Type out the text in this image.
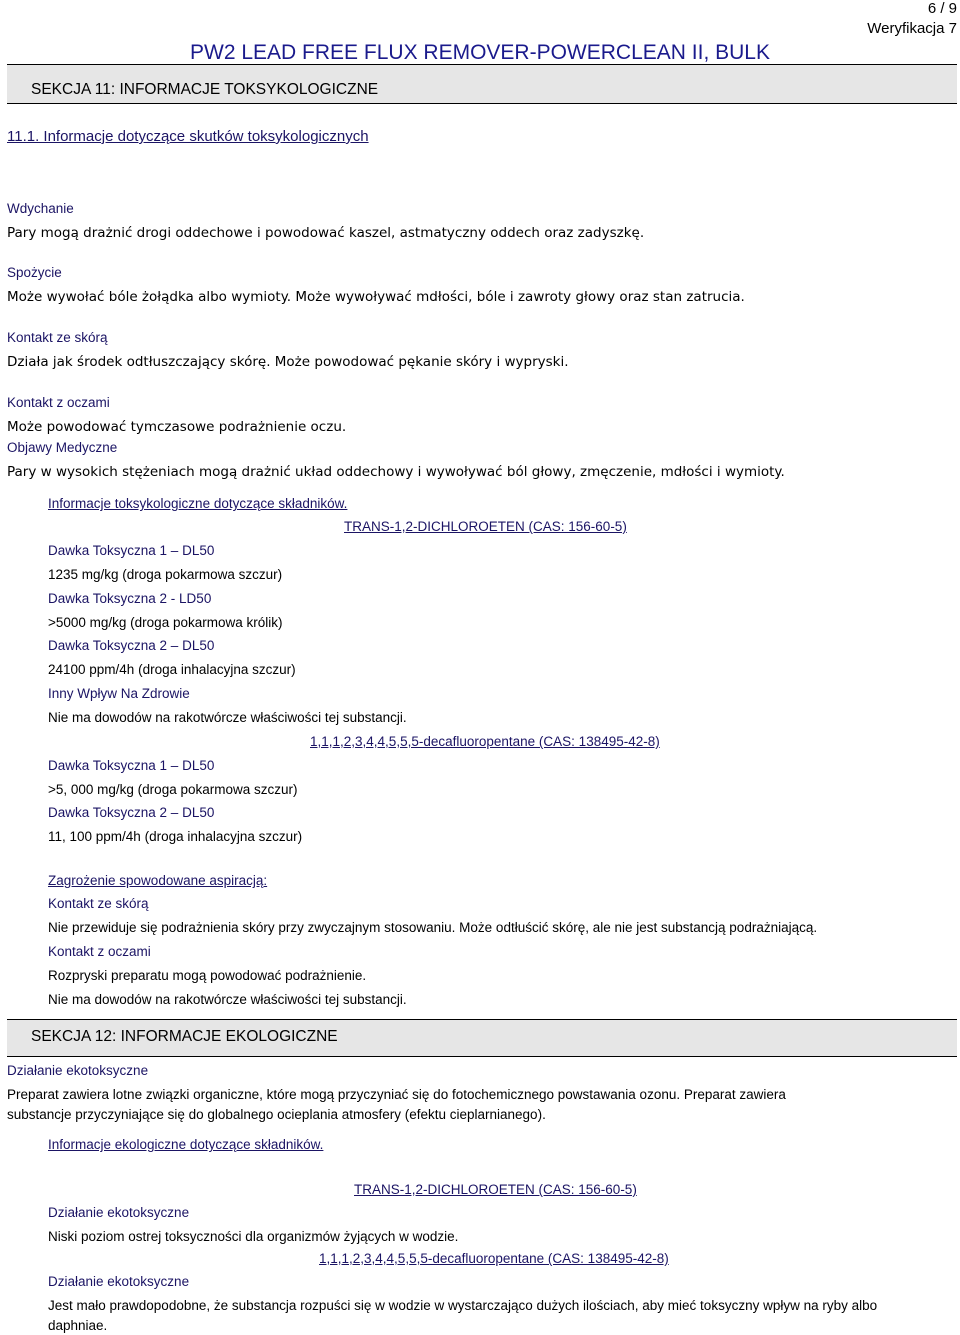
6 / 9
Weryfikacja 7
PW2 LEAD FREE FLUX REMOVER-POWERCLEAN II, BULK
SEKCJA 11: INFORMACJE TOKSYKOLOGICZNE
11.1. Informacje dotyczące skutków toksykologicznych
Wdychanie
Pary mogą drażnić drogi oddechowe i powodować kaszel, astmatyczny oddech oraz zadyszkę.
Spożycie
Może wywołać bóle żołądka albo wymioty. Może wywoływać mdłości, bóle i zawroty głowy oraz stan zatrucia.
Kontakt ze skórą
Działa jak środek odtłuszczający skórę. Może powodować pękanie skóry i wypryski.
Kontakt z oczami
Może powodować tymczasowe podrażnienie oczu.
Objawy Medyczne
Pary w wysokich stężeniach mogą drażnić układ oddechowy i wywoływać ból głowy, zmęczenie, mdłości i wymioty.
Informacje toksykologiczne dotyczące składników.
TRANS-1,2-DICHLOROETEN (CAS: 156-60-5)
Dawka Toksyczna 1 – DL50
1235 mg/kg (droga pokarmowa szczur)
Dawka Toksyczna 2 - LD50
>5000 mg/kg (droga pokarmowa królik)
Dawka Toksyczna 2 – DL50
24100 ppm/4h (droga inhalacyjna szczur)
Inny Wpływ Na Zdrowie
Nie ma dowodów na rakotwórcze właściwości tej substancji.
1,1,1,2,3,4,4,5,5,5-decafluoropentane (CAS: 138495-42-8)
Dawka Toksyczna 1 – DL50
>5, 000 mg/kg (droga pokarmowa szczur)
Dawka Toksyczna 2 – DL50
11, 100 ppm/4h (droga inhalacyjna szczur)
Zagrożenie spowodowane aspiracją:
Kontakt ze skórą
Nie przewiduje się podrażnienia skóry przy zwyczajnym stosowaniu. Może odtłuścić skórę, ale nie jest substancją podrażniającą.
Kontakt z oczami
Rozpryski preparatu mogą powodować podrażnienie.
Nie ma dowodów na rakotwórcze właściwości tej substancji.
SEKCJA 12: INFORMACJE EKOLOGICZNE
Działanie ekotoksyczne
Preparat zawiera lotne związki organiczne, które mogą przyczyniać się do fotochemicznego powstawania ozonu. Preparat zawiera
substancje przyczyniające się do globalnego ocieplania atmosfery (efektu cieplarnianego).
Informacje ekologiczne dotyczące składników.
TRANS-1,2-DICHLOROETEN (CAS: 156-60-5)
Działanie ekotoksyczne
Niski poziom ostrej toksyczności dla organizmów żyjących w wodzie.
1,1,1,2,3,4,4,5,5,5-decafluoropentane (CAS: 138495-42-8)
Działanie ekotoksyczne
Jest mało prawdopodobne, że substancja rozpuści się w wodzie w wystarczająco dużych ilościach, aby mieć toksyczny wpływ na ryby albo
daphniae.
